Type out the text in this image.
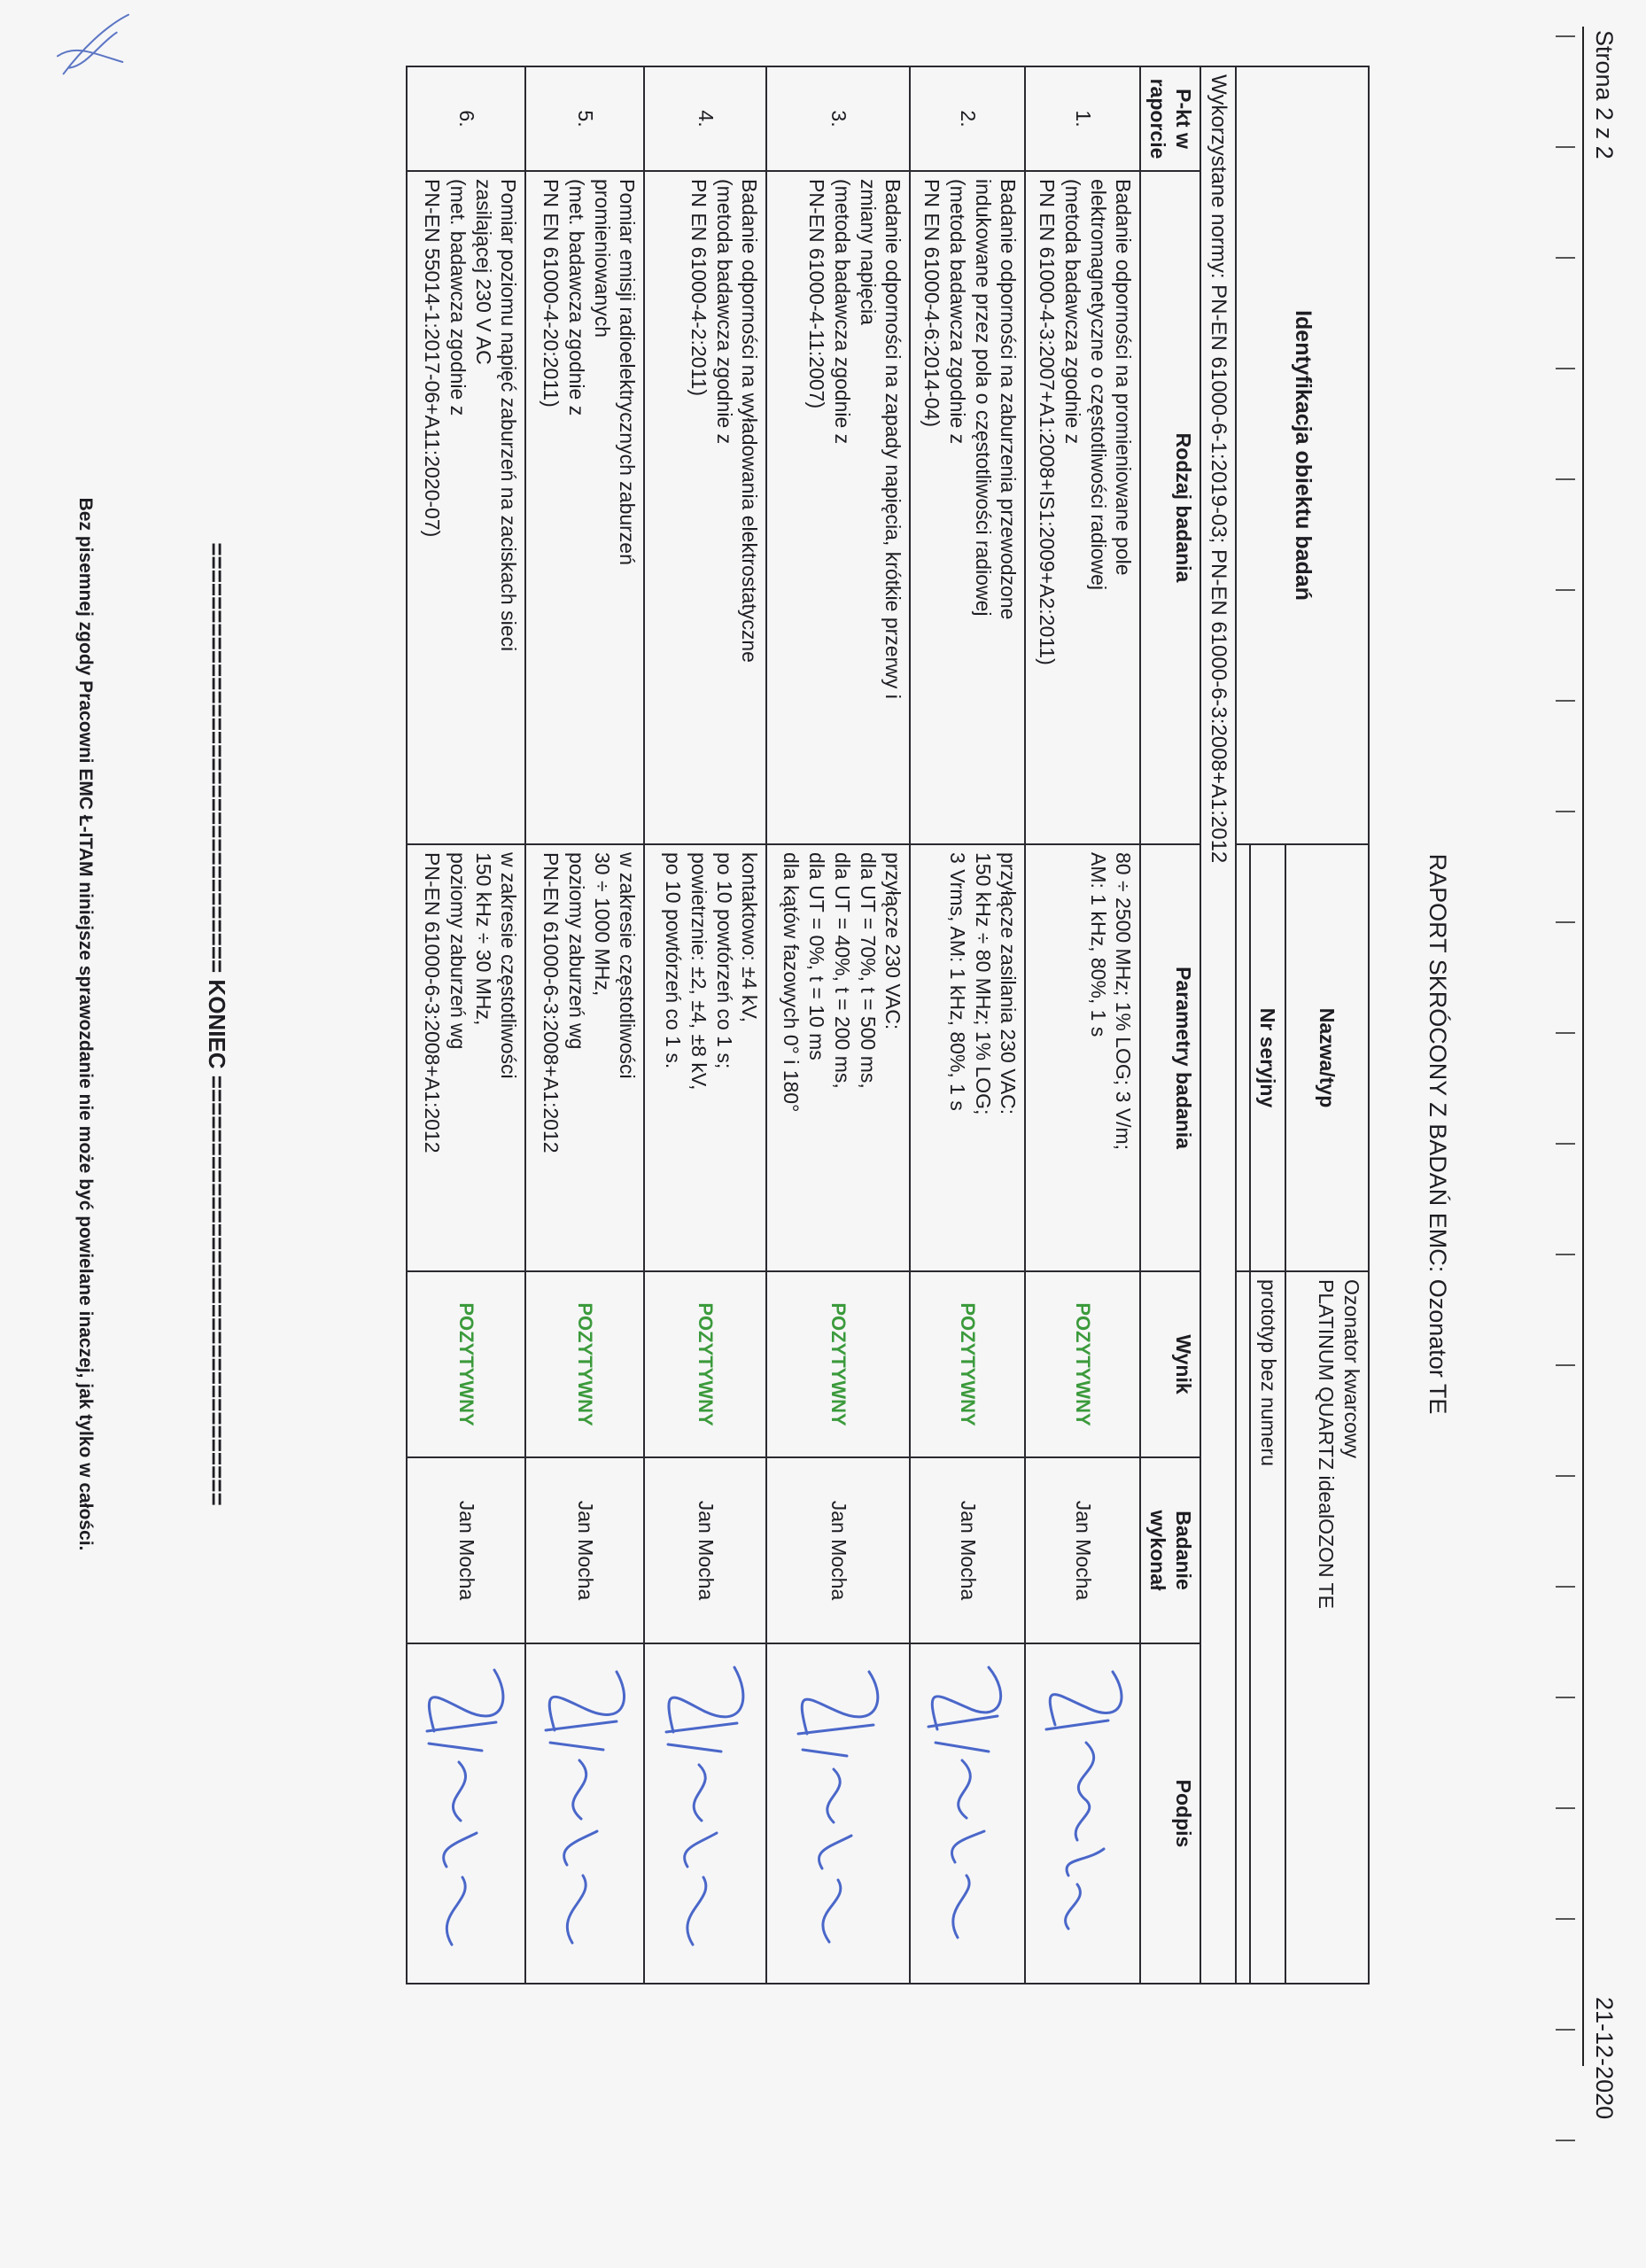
Strona 2 z 2
21-12-2020
RAPORT SKRÓCONY Z BADAŃ EMC: Ozonator TE
Identyfikacja obiektu badań		Nazwa/typ	Ozonator kwarcowy
PLATINUM QUARTZ idealOZON TE		

		Nr seryjny	prototyp bez numeru		

Wykorzystane normy: PN-EN 61000-6-1:2019-03; PN-EN 61000-6-3:2008+A1:2012					

P-kt w
raporcie	Rodzaj badania	Parametry badania	Wynik	Badanie
wykonał	Podpis
1.	Badanie odporności na promieniowane pole
elektromagnetyczne o częstotliwości radiowej
(metoda badawcza zgodnie z
PN EN 61000-4-3:2007+A1:2008+IS1:2009+A2:2011)	80 ÷ 2500 MHz; 1% LOG; 3 V/m;
AM: 1 kHz, 80%, 1 s	POZYTYWNY	Jan Mocha	

2.	Badanie odporności na zaburzenia przewodzone
indukowane przez pola o częstotliwości radiowej
(metoda badawcza zgodnie z
PN EN 61000-4-6:2014-04)	przyłącze zasilania 230 VAC:
150 kHz ÷ 80 MHz; 1% LOG;
3 Vrms, AM: 1 kHz, 80%, 1 s	POZYTYWNY	Jan Mocha	

3.	Badanie odporności na zapady napięcia, krótkie przerwy i
zmiany napięcia
(metoda badawcza zgodnie z
PN-EN 61000-4-11:2007)	przyłącze 230 VAC:
dla UT = 70%, t = 500 ms,
dla UT = 40%, t = 200 ms,
dla UT = 0%, t = 10 ms
dla kątów fazowych 0° i 180°	POZYTYWNY	Jan Mocha	

4.	Badanie odporności na wyładowania elektrostatyczne
(metoda badawcza zgodnie z
PN EN 61000-4-2:2011)	kontaktowo: ±4 kV,
po 10 powtórzeń co 1 s;
powietrznie: ±2, ±4, ±8 kV,
po 10 powtórzeń co 1 s.	POZYTYWNY	Jan Mocha	

5.	Pomiar emisji radioelektrycznych zaburzeń
promieniowanych
(met. badawcza zgodnie z
PN EN 61000-4-20:2011)	w zakresie częstotliwości
30 ÷ 1000 MHz,
poziomy zaburzeń wg
PN-EN 61000-6-3:2008+A1:2012	POZYTYWNY	Jan Mocha	

6.	Pomiar poziomu napięć zaburzeń na zaciskach sieci
zasilającej 230 V AC
(met. badawcza zgodnie z
PN-EN 55014-1:2017-06+A11:2020-07)	w zakresie częstotliwości
150 kHz ÷ 30 MHz,
poziomy zaburzeń wg
PN-EN 61000-6-3:2008+A1:2012	POZYTYWNY	Jan Mocha	
================================ KONIEC ================================
Bez pisemnej zgody Pracowni EMC Ł-ITAM niniejsze sprawozdanie nie może być powielane inaczej, jak tylko w całości.
